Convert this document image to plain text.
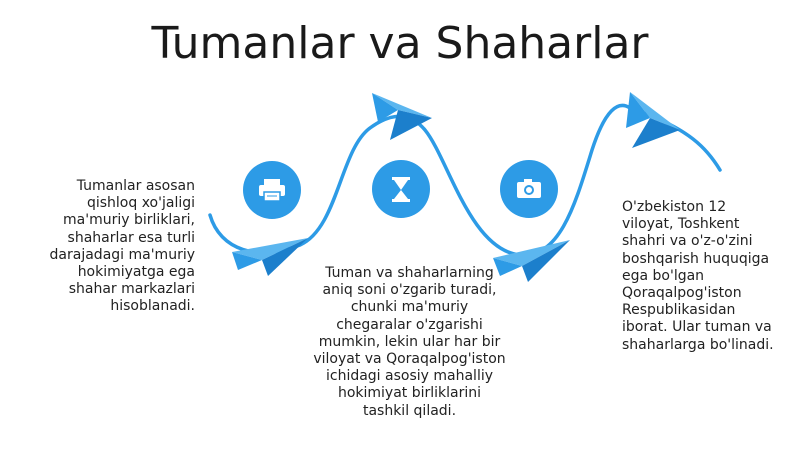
Tumanlar va Shaharlar
Tumanlar asosan
qishloq xo'jaligi
ma'muriy birliklari,
shaharlar esa turli
darajadagi ma'muriy
hokimiyatga ega
shahar markazlari
hisoblanadi.
Tuman va shaharlarning
aniq soni o'zgarib turadi,
chunki ma'muriy
chegaralar o'zgarishi
mumkin, lekin ular har bir
viloyat va Qoraqalpog'iston
ichidagi asosiy mahalliy
hokimiyat birliklarini
tashkil qiladi.
O'zbekiston 12
viloyat, Toshkent
shahri va o'z-o'zini
boshqarish huquqiga
ega bo'lgan
Qoraqalpog'iston
Respublikasidan
iborat. Ular tuman va
shaharlarga bo'linadi.
